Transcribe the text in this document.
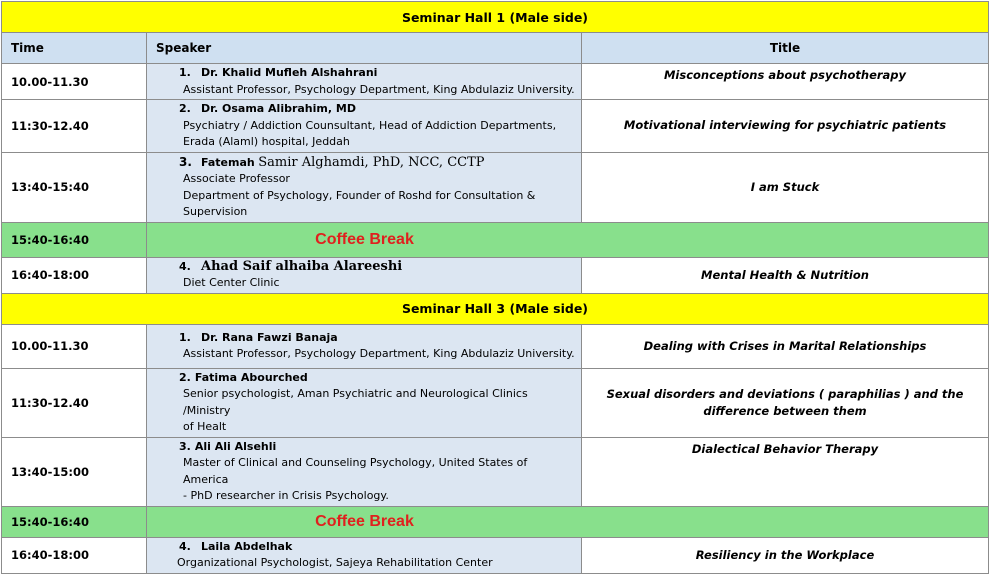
Seminar Hall 1 (Male side)		
Time	Speaker	Title
10.00-11.30	1. Dr. Khalid Mufleh Alshahrani
Assistant Professor, Psychology Department, King Abdulaziz University.	Misconceptions about psychotherapy
11:30-12.40	2. Dr. Osama Alibrahim, MD
Psychiatry / Addiction Counsultant, Head of Addiction Departments,
Erada (Alaml) hospital, Jeddah	Motivational interviewing for psychiatric patients
13:40-15:40	3. Fatemah Samir Alghamdi, PhD, NCC, CCTP
Associate Professor
Department of Psychology, Founder of Roshd for Consultation &
Supervision	I am Stuck
15:40-16:40	Coffee Break	

16:40-18:00	4. Ahad Saif alhaiba Alareeshi
Diet Center Clinic	Mental Health & Nutrition
Seminar Hall 3 (Male side)		
10.00-11.30	1. Dr. Rana Fawzi Banaja
Assistant Professor, Psychology Department, King Abdulaziz University.	Dealing with Crises in Marital Relationships
11:30-12.40	2. Fatima Abourched
Senior psychologist, Aman Psychiatric and Neurological Clinics /Ministry
of Healt	Sexual disorders and deviations ( paraphilias ) and the difference between them
13:40-15:00	3. Ali Ali Alsehli
Master of Clinical and Counseling Psychology, United States of America
- PhD researcher in Crisis Psychology.	Dialectical Behavior Therapy
15:40-16:40	Coffee Break	

16:40-18:00	4. Laila Abdelhak
Organizational Psychologist, Sajeya Rehabilitation Center	Resiliency in the Workplace
